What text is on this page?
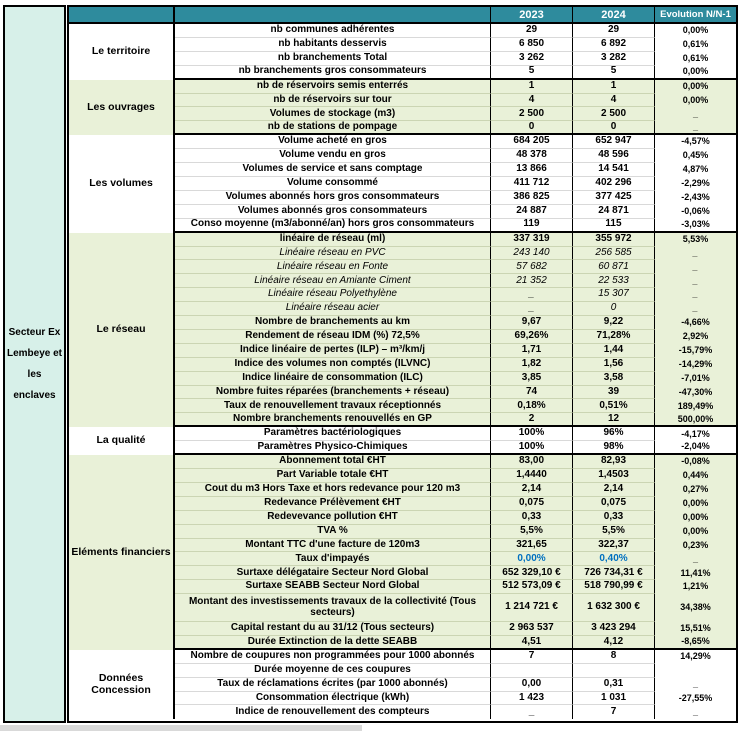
Secteur Ex Lembeye et les enclaves
2023	2024	Evolution N/N-1
Le territoire
nb communes adhérentes	29	29	0,00%
nb habitants desservis	6 850	6 892	0,61%
nb branchements Total	3 262	3 282	0,61%
nb branchements gros consommateurs	5	5	0,00%
Les ouvrages
nb de réservoirs semis enterrés	1	1	0,00%
nb de réservoirs sur tour	4	4	0,00%
Volumes de stockage (m3)	2 500	2 500	_
nb de stations de pompage	0	0	_
Les volumes
Volume acheté en gros	684 205	652 947	-4,57%
Volume vendu en gros	48 378	48 596	0,45%
Volumes de service et sans comptage	13 866	14 541	4,87%
Volume consommé	411 712	402 296	-2,29%
Volumes abonnés hors gros consommateurs	386 825	377 425	-2,43%
Volumes abonnés gros consommateurs	24 887	24 871	-0,06%
Conso moyenne (m3/abonné/an) hors gros consommateurs	119	115	-3,03%
Le réseau
linéaire de réseau (ml)	337 319	355 972	5,53%
Linéaire réseau en PVC	243 140	256 585	_
Linéaire réseau en Fonte	57 682	60 871	_
Linéaire réseau en Amiante Ciment	21 352	22 533	_
Linéaire réseau Polyethylène	_	15 307	_
Linéaire réseau acier	_	0	_
Nombre de branchements au km	9,67	9,22	-4,66%
Rendement de réseau IDM (%) 72,5%	69,26%	71,28%	2,92%
Indice linéaire de pertes (ILP) – m³/km/j	1,71	1,44	-15,79%
Indice des volumes non comptés (ILVNC)	1,82	1,56	-14,29%
Indice linéaire de consommation (ILC)	3,85	3,58	-7,01%
Nombre fuites réparées (branchements + réseau)	74	39	-47,30%
Taux de renouvellement travaux réceptionnés	0,18%	0,51%	189,49%
Nombre branchements renouvellés en GP	2	12	500,00%
La qualité
Paramètres bactériologiques	100%	96%	-4,17%
Paramètres Physico-Chimiques	100%	98%	-2,04%
Eléments financiers
Abonnement total €HT	83,00	82,93	-0,08%
Part Variable totale €HT	1,4440	1,4503	0,44%
Cout du m3 Hors Taxe et hors redevance pour 120 m3	2,14	2,14	0,27%
Redevance Prélèvement €HT	0,075	0,075	0,00%
Redevevance pollution €HT	0,33	0,33	0,00%
TVA %	5,5%	5,5%	0,00%
Montant TTC d'une facture de 120m3	321,65	322,37	0,23%
Taux d'impayés	0,00%	0,40%	_
Surtaxe délégataire Secteur Nord Global	652 329,10 €	726 734,31 €	11,41%
Surtaxe SEABB Secteur Nord Global	512 573,09 €	518 790,99 €	1,21%
Montant des investissements travaux de la collectivité (Tous secteurs)	1 214 721 €	1 632 300 €	34,38%
Capital restant du au 31/12 (Tous secteurs)	2 963 537	3 423 294	15,51%
Durée Extinction de la dette SEABB	4,51	4,12	-8,65%
Données Concession
Nombre de coupures non programmées pour 1000 abonnés	7	8	14,29%
Durée moyenne de ces coupures
Taux de réclamations écrites (par 1000 abonnés)	0,00	0,31	_
Consommation électrique (kWh)	1 423	1 031	-27,55%
Indice de renouvellement des compteurs	_	7	_
